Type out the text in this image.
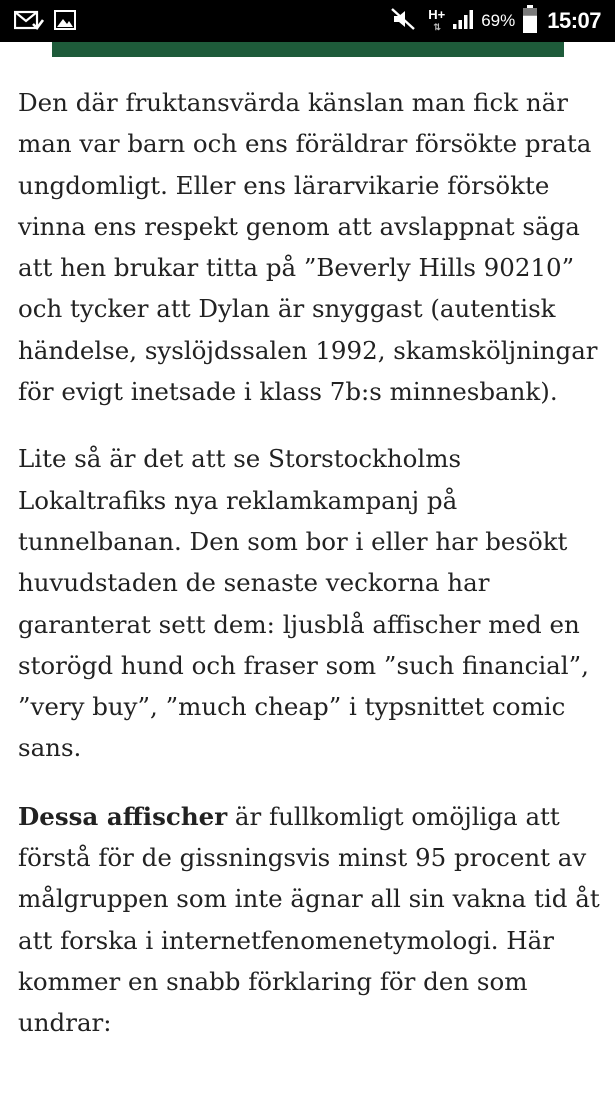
H+
⇅	69% 15:07

Den där fruktansvärda känslan man fick när man var barn och ens föräldrar försökte prata ungdomligt. Eller ens lärarvikarie försökte vinna ens respekt genom att avslappnat säga att hen brukar titta på ”Beverly Hills 90210” och tycker att Dylan är snyggast (autentisk händelse, syslöjdssalen 1992, skamsköljningar för evigt inetsade i klass 7b:s minnesbank).

Lite så är det att se Storstockholms Lokaltrafiks nya reklamkampanj på tunnelbanan. Den som bor i eller har besökt huvudstaden de senaste veckorna har garanterat sett dem: ljusblå affischer med en storögd hund och fraser som ”such financial”, ”very buy”, ”much cheap” i typsnittet comic sans.

Dessa affischer är fullkomligt omöjliga att förstå för de gissningsvis minst 95 procent av målgruppen som inte ägnar all sin vakna tid åt att forska i internetfenomenetymologi. Här kommer en snabb förklaring för den som undrar:
